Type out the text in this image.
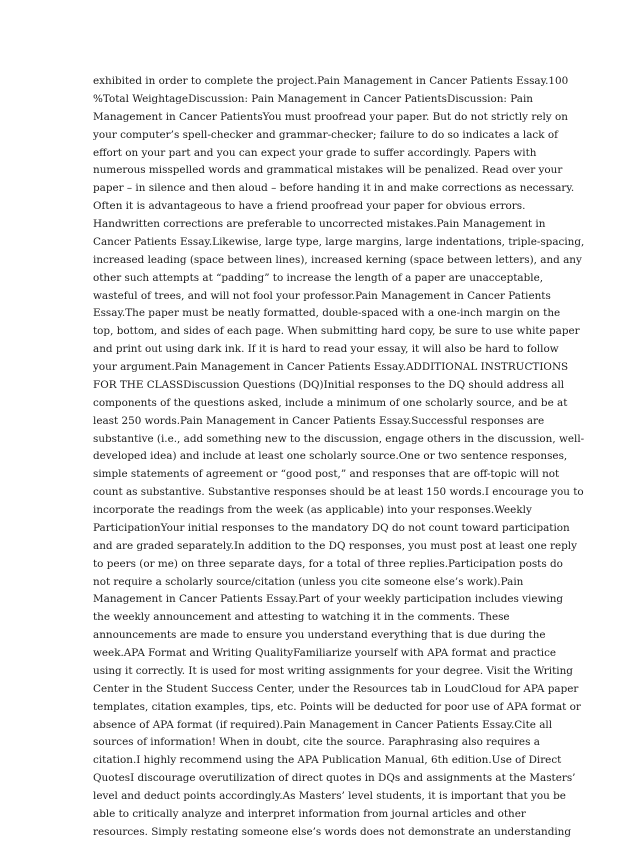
exhibited in order to complete the project.Pain Management in Cancer Patients Essay.100
%Total WeightageDiscussion: Pain Management in Cancer PatientsDiscussion: Pain
Management in Cancer PatientsYou must proofread your paper. But do not strictly rely on
your computer’s spell-checker and grammar-checker; failure to do so indicates a lack of
effort on your part and you can expect your grade to suffer accordingly. Papers with
numerous misspelled words and grammatical mistakes will be penalized. Read over your
paper – in silence and then aloud – before handing it in and make corrections as necessary.
Often it is advantageous to have a friend proofread your paper for obvious errors.
Handwritten corrections are preferable to uncorrected mistakes.Pain Management in
Cancer Patients Essay.Likewise, large type, large margins, large indentations, triple-spacing,
increased leading (space between lines), increased kerning (space between letters), and any
other such attempts at “padding” to increase the length of a paper are unacceptable,
wasteful of trees, and will not fool your professor.Pain Management in Cancer Patients
Essay.The paper must be neatly formatted, double-spaced with a one-inch margin on the
top, bottom, and sides of each page. When submitting hard copy, be sure to use white paper
and print out using dark ink. If it is hard to read your essay, it will also be hard to follow
your argument.Pain Management in Cancer Patients Essay.ADDITIONAL INSTRUCTIONS
FOR THE CLASSDiscussion Questions (DQ)Initial responses to the DQ should address all
components of the questions asked, include a minimum of one scholarly source, and be at
least 250 words.Pain Management in Cancer Patients Essay.Successful responses are
substantive (i.e., add something new to the discussion, engage others in the discussion, well-
developed idea) and include at least one scholarly source.One or two sentence responses,
simple statements of agreement or “good post,” and responses that are off-topic will not
count as substantive. Substantive responses should be at least 150 words.I encourage you to
incorporate the readings from the week (as applicable) into your responses.Weekly
ParticipationYour initial responses to the mandatory DQ do not count toward participation
and are graded separately.In addition to the DQ responses, you must post at least one reply
to peers (or me) on three separate days, for a total of three replies.Participation posts do
not require a scholarly source/citation (unless you cite someone else’s work).Pain
Management in Cancer Patients Essay.Part of your weekly participation includes viewing
the weekly announcement and attesting to watching it in the comments. These
announcements are made to ensure you understand everything that is due during the
week.APA Format and Writing QualityFamiliarize yourself with APA format and practice
using it correctly. It is used for most writing assignments for your degree. Visit the Writing
Center in the Student Success Center, under the Resources tab in LoudCloud for APA paper
templates, citation examples, tips, etc. Points will be deducted for poor use of APA format or
absence of APA format (if required).Pain Management in Cancer Patients Essay.Cite all
sources of information! When in doubt, cite the source. Paraphrasing also requires a
citation.I highly recommend using the APA Publication Manual, 6th edition.Use of Direct
QuotesI discourage overutilization of direct quotes in DQs and assignments at the Masters’
level and deduct points accordingly.As Masters’ level students, it is important that you be
able to critically analyze and interpret information from journal articles and other
resources. Simply restating someone else’s words does not demonstrate an understanding
